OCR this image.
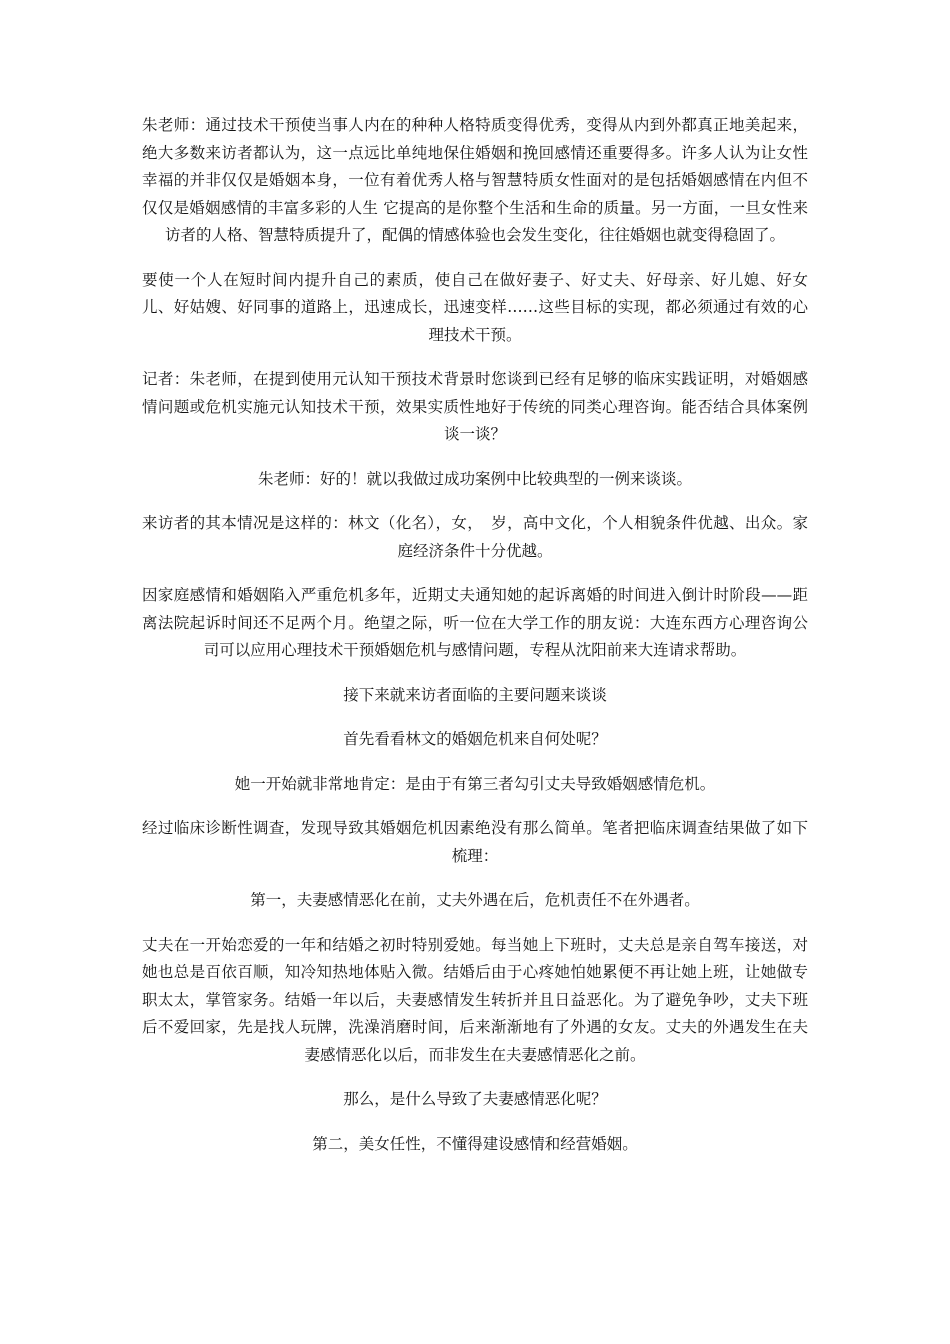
朱老师：通过技术干预使当事人内在的种种人格特质变得优秀，变得从内到外都真正地美起来，绝大多数来访者都认为，这一点远比单纯地保住婚姻和挽回感情还重要得多。许多人认为让女性幸福的并非仅仅是婚姻本身，一位有着优秀人格与智慧特质女性面对的是包括婚姻感情在内但不仅仅是婚姻感情的丰富多彩的人生 它提高的是你整个生活和生命的质量。另一方面，一旦女性来访者的人格、智慧特质提升了，配偶的情感体验也会发生变化，往往婚姻也就变得稳固了。

要使一个人在短时间内提升自己的素质，使自己在做好妻子、好丈夫、好母亲、好儿媳、好女儿、好姑嫂、好同事的道路上，迅速成长，迅速变样……这些目标的实现，都必须通过有效的心理技术干预。

记者：朱老师，在提到使用元认知干预技术背景时您谈到已经有足够的临床实践证明，对婚姻感情问题或危机实施元认知技术干预，效果实质性地好于传统的同类心理咨询。能否结合具体案例谈一谈？

朱老师：好的！就以我做过成功案例中比较典型的一例来谈谈。

来访者的其本情况是这样的：林文（化名），女，　岁，高中文化，个人相貌条件优越、出众。家庭经济条件十分优越。

因家庭感情和婚姻陷入严重危机多年，近期丈夫通知她的起诉离婚的时间进入倒计时阶段——距离法院起诉时间还不足两个月。绝望之际，听一位在大学工作的朋友说：大连东西方心理咨询公司可以应用心理技术干预婚姻危机与感情问题，专程从沈阳前来大连请求帮助。

接下来就来访者面临的主要问题来谈谈

首先看看林文的婚姻危机来自何处呢？

她一开始就非常地肯定：是由于有第三者勾引丈夫导致婚姻感情危机。

经过临床诊断性调查，发现导致其婚姻危机因素绝没有那么简单。笔者把临床调查结果做了如下梳理：

第一，夫妻感情恶化在前，丈夫外遇在后，危机责任不在外遇者。

丈夫在一开始恋爱的一年和结婚之初时特别爱她。每当她上下班时，丈夫总是亲自驾车接送，对她也总是百依百顺，知冷知热地体贴入微。结婚后由于心疼她怕她累便不再让她上班，让她做专职太太，掌管家务。结婚一年以后，夫妻感情发生转折并且日益恶化。为了避免争吵，丈夫下班后不爱回家，先是找人玩牌，洗澡消磨时间，后来渐渐地有了外遇的女友。丈夫的外遇发生在夫妻感情恶化以后，而非发生在夫妻感情恶化之前。

那么，是什么导致了夫妻感情恶化呢？

第二，美女任性，不懂得建设感情和经营婚姻。
